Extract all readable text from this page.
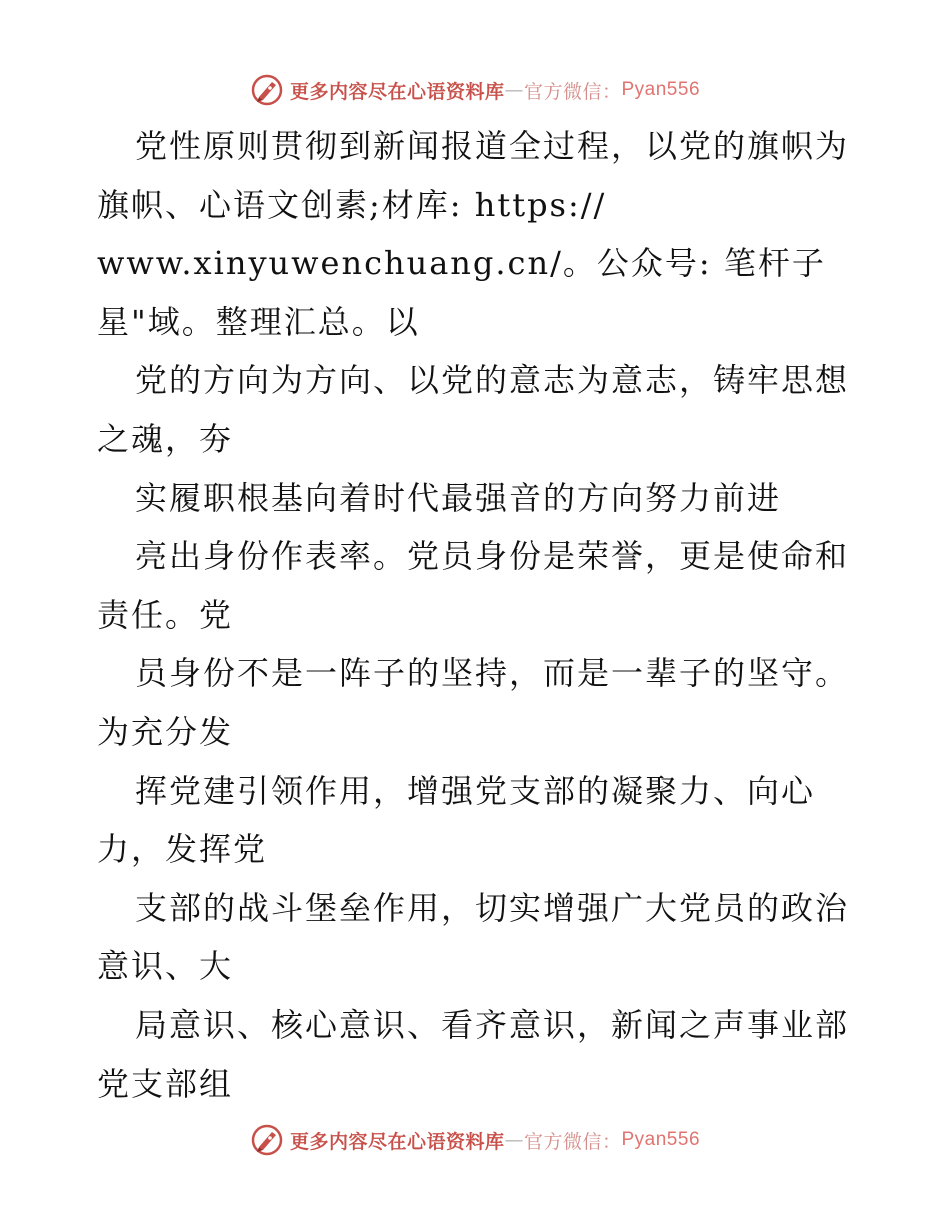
更多内容尽在心语资料库 — 官方微信： Pyan556
党性原则贯彻到新闻报道全过程，以党的旗帜为
旗帜、心语文创素;材库: https://
www.xinyuwenchuang.cn/。公众号: 笔杆子
星"域。整理汇总。以
党的方向为方向、以党的意志为意志，铸牢思想
之魂，夯
实履职根基向着时代最强音的方向努力前进
亮出身份作表率。党员身份是荣誉，更是使命和
责任。党
员身份不是一阵子的坚持，而是一辈子的坚守。
为充分发
挥党建引领作用，增强党支部的凝聚力、向心
力，发挥党
支部的战斗堡垒作用，切实增强广大党员的政治
意识、大
局意识、核心意识、看齐意识，新闻之声事业部
党支部组
更多内容尽在心语资料库 — 官方微信： Pyan556
